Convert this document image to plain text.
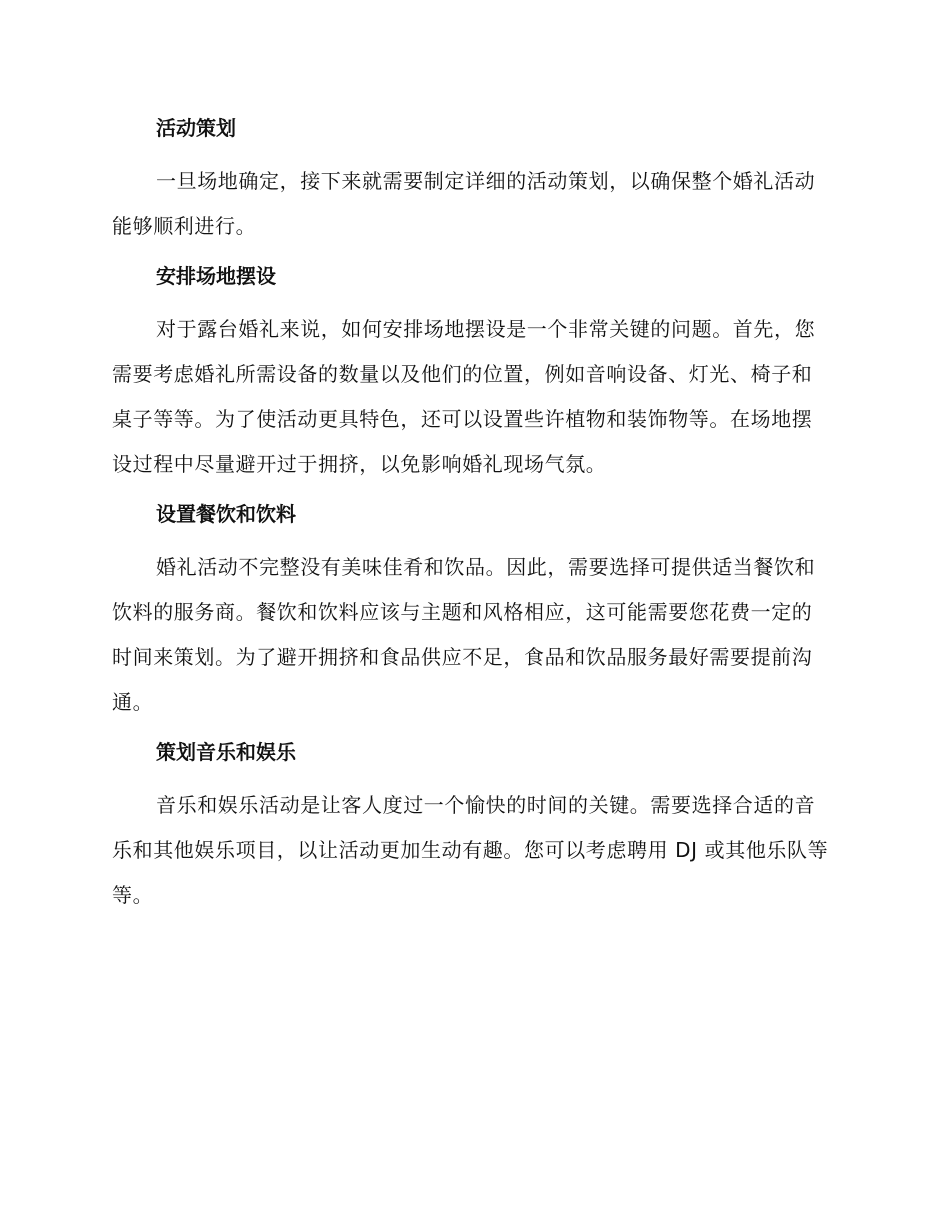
活动策划

一旦场地确定，接下来就需要制定详细的活动策划，以确保整个婚礼活动能够顺利进行。

安排场地摆设

对于露台婚礼来说，如何安排场地摆设是一个非常关键的问题。首先，您需要考虑婚礼所需设备的数量以及他们的位置，例如音响设备、灯光、椅子和桌子等等。为了使活动更具特色，还可以设置些许植物和装饰物等。在场地摆设过程中尽量避开过于拥挤，以免影响婚礼现场气氛。

设置餐饮和饮料

婚礼活动不完整没有美味佳肴和饮品。因此，需要选择可提供适当餐饮和饮料的服务商。餐饮和饮料应该与主题和风格相应，这可能需要您花费一定的时间来策划。为了避开拥挤和食品供应不足，食品和饮品服务最好需要提前沟通。

策划音乐和娱乐

音乐和娱乐活动是让客人度过一个愉快的时间的关键。需要选择合适的音乐和其他娱乐项目，以让活动更加生动有趣。您可以考虑聘用 DJ 或其他乐队等等。
